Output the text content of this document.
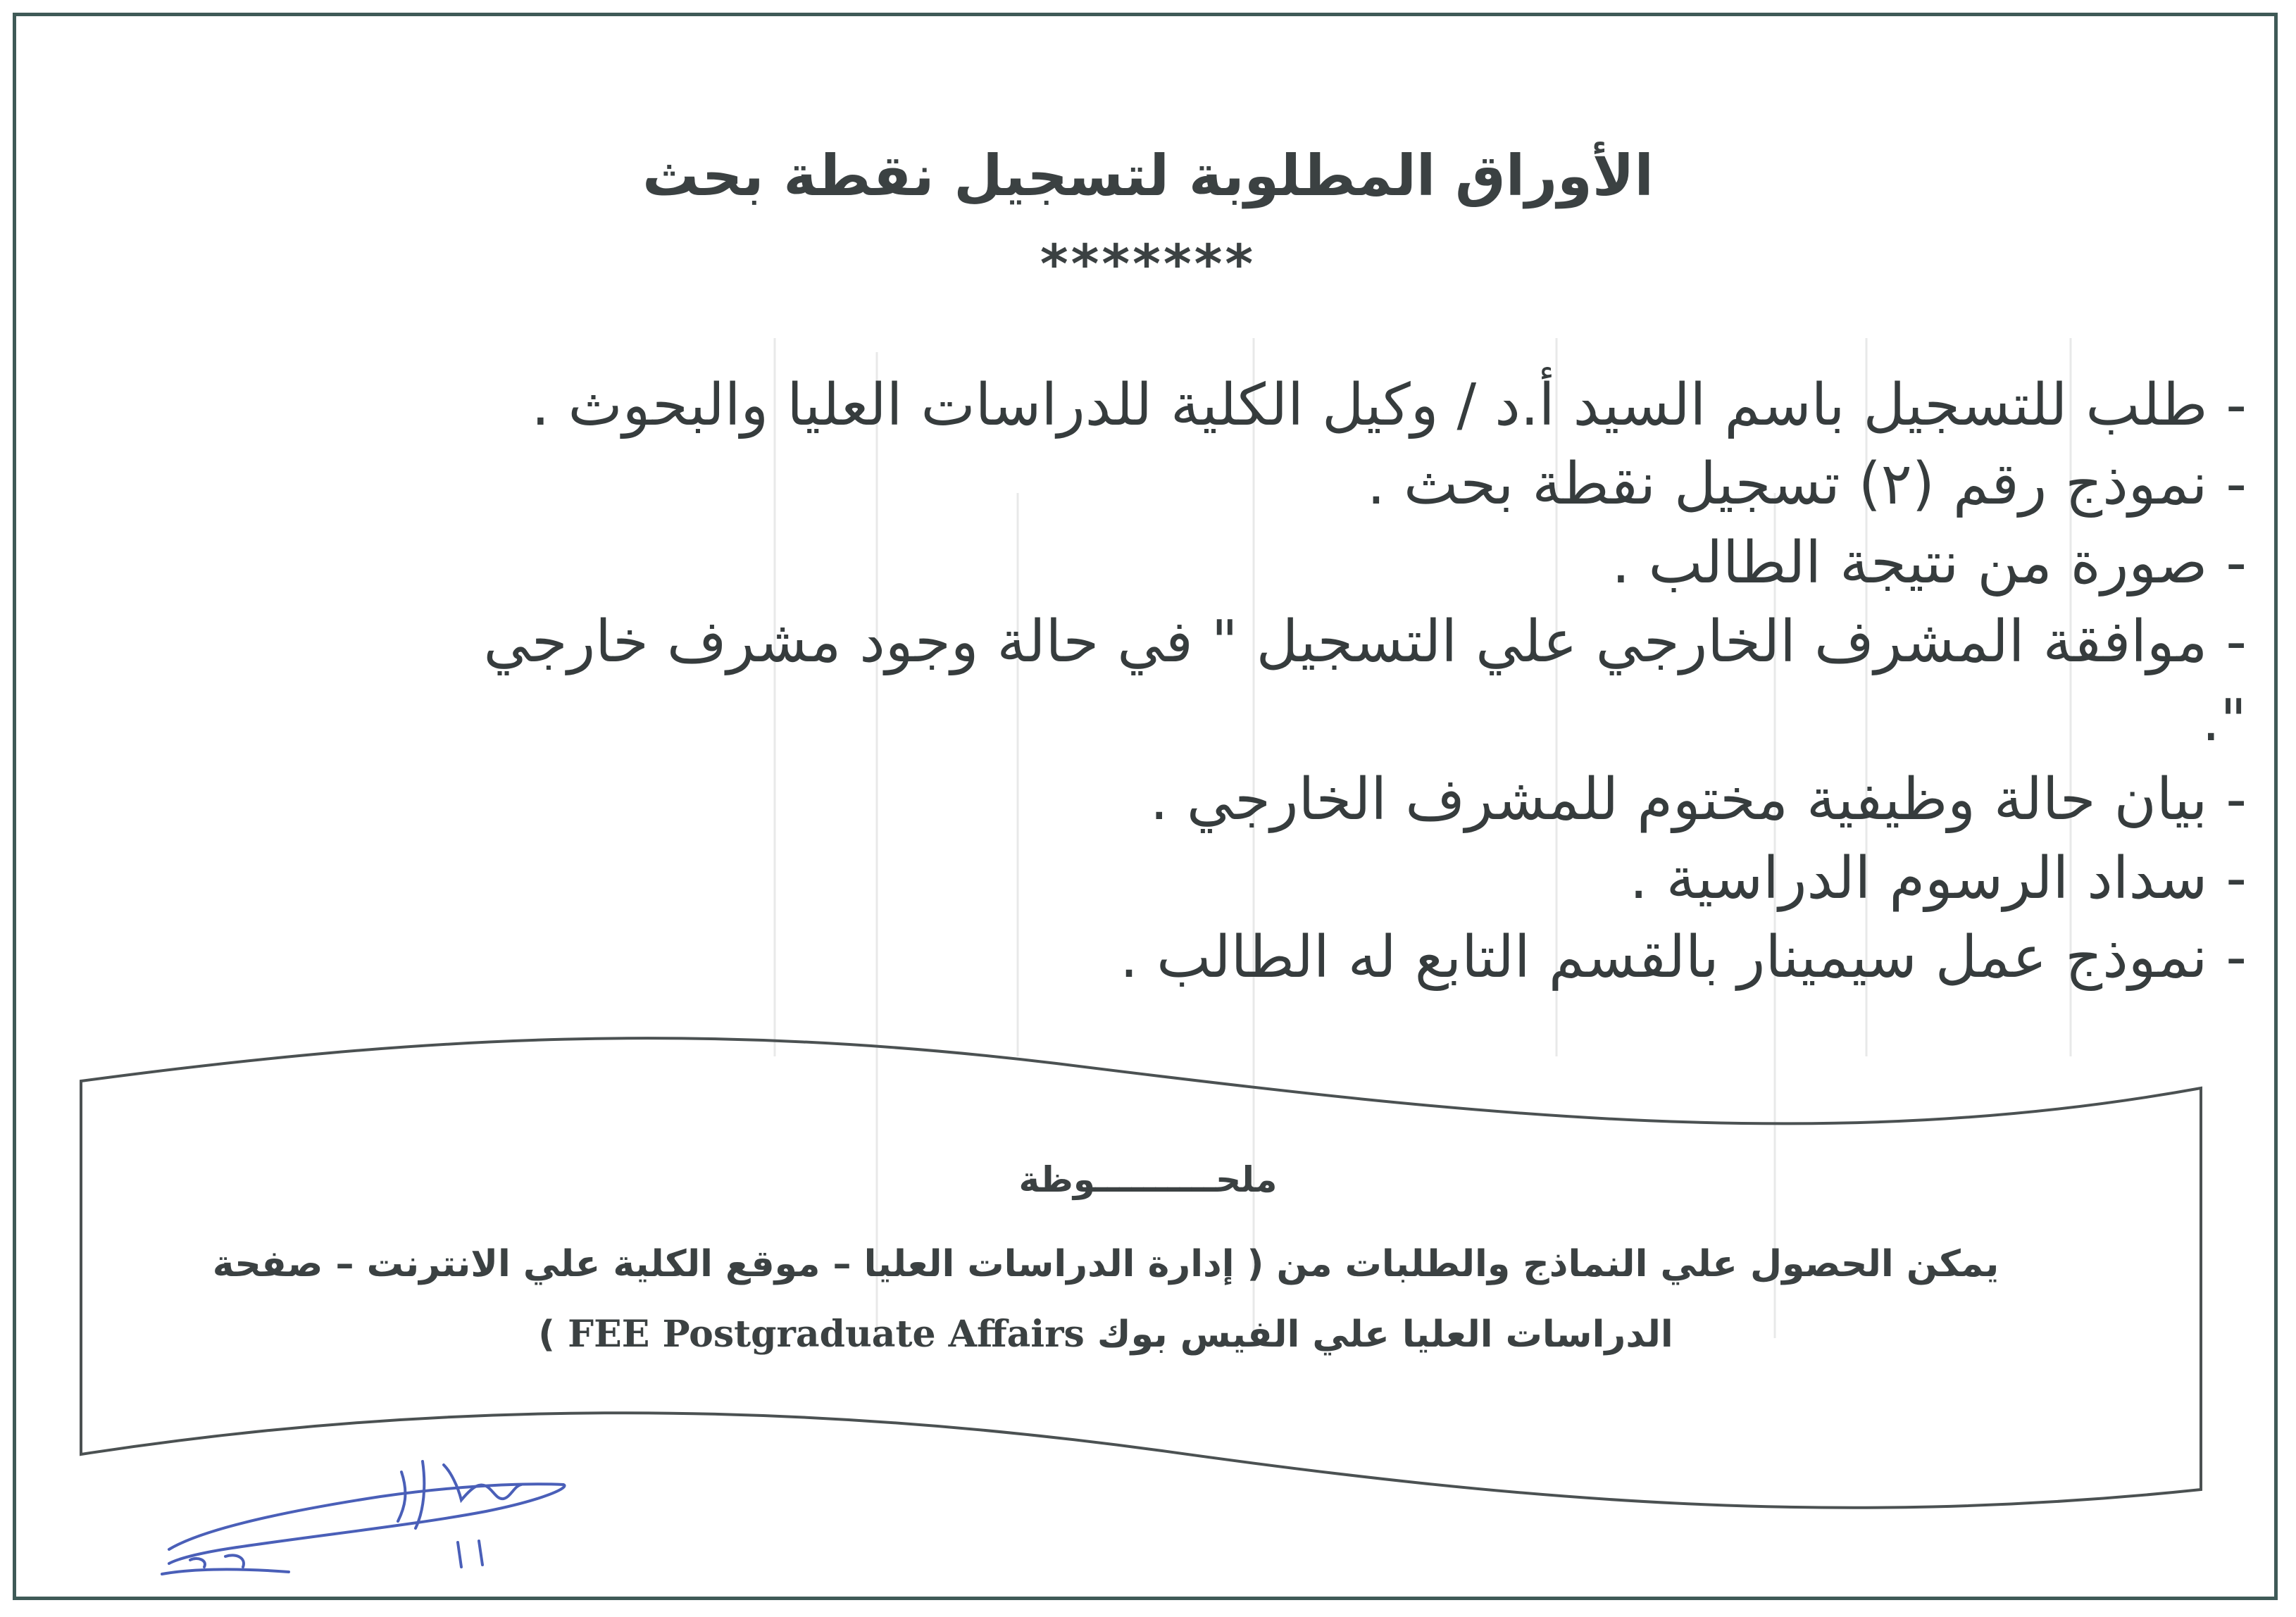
الأوراق المطلوبة لتسجيل نقطة بحث
*******
- طلب للتسجيل باسم السيد أ.د / وكيل الكلية للدراسات العليا والبحوث .
- نموذج رقم (٢) تسجيل نقطة بحث .
- صورة من نتيجة الطالب .
- موافقة المشرف الخارجي علي التسجيل " في حالة وجود مشرف خارجي ".
- بيان حالة وظيفية مختوم للمشرف الخارجي .
- سداد الرسوم الدراسية .
- نموذج عمل سيمينار بالقسم التابع له الطالب .
ملحــــــــــوظة
يمكن الحصول علي النماذج والطلبات من ( إدارة الدراسات العليا – موقع الكلية علي الانترنت – صفحة الدراسات العليا علي الفيس بوك FEE Postgraduate Affairs )
